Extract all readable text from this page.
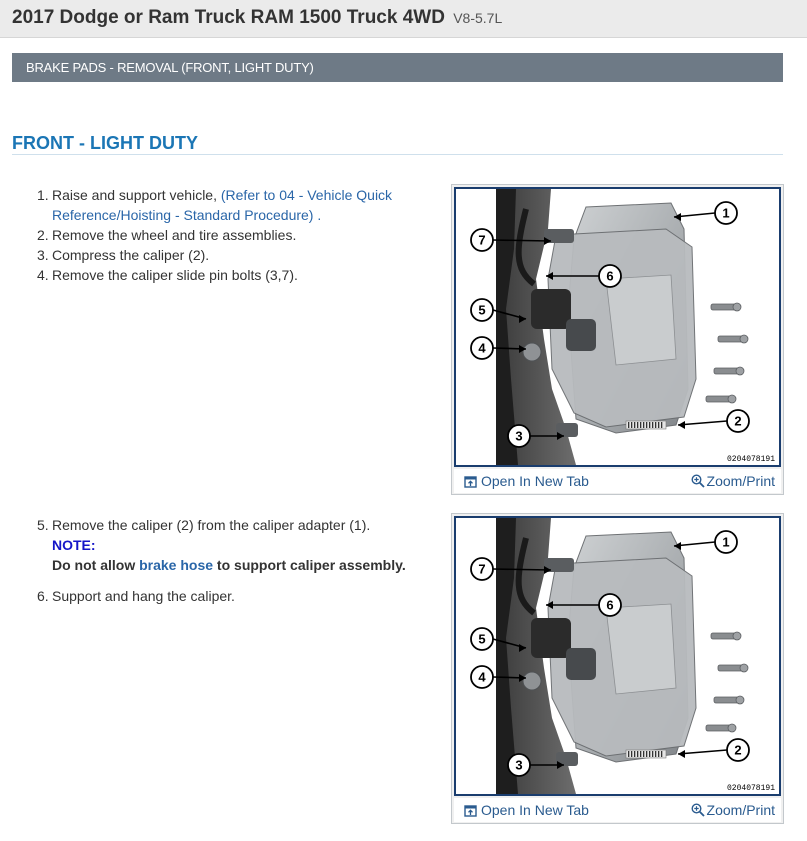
2017 Dodge or Ram Truck RAM 1500 Truck 4WD V8-5.7L
BRAKE PADS - REMOVAL (FRONT, LIGHT DUTY)
FRONT - LIGHT DUTY
1. Raise and support vehicle, (Refer to 04 - Vehicle Quick Reference/Hoisting - Standard Procedure) .
2. Remove the wheel and tire assemblies.
3. Compress the caliper (2).
4. Remove the caliper slide pin bolts (3,7).
5. Remove the caliper (2) from the caliper adapter (1).
NOTE:
Do not allow brake hose to support caliper assembly.
6. Support and hang the caliper.
1
2
3
4
5
6
7
0204078191
Open In New Tab	Zoom/Print
1
2
3
4
5
6
7
0204078191
Open In New Tab	Zoom/Print
